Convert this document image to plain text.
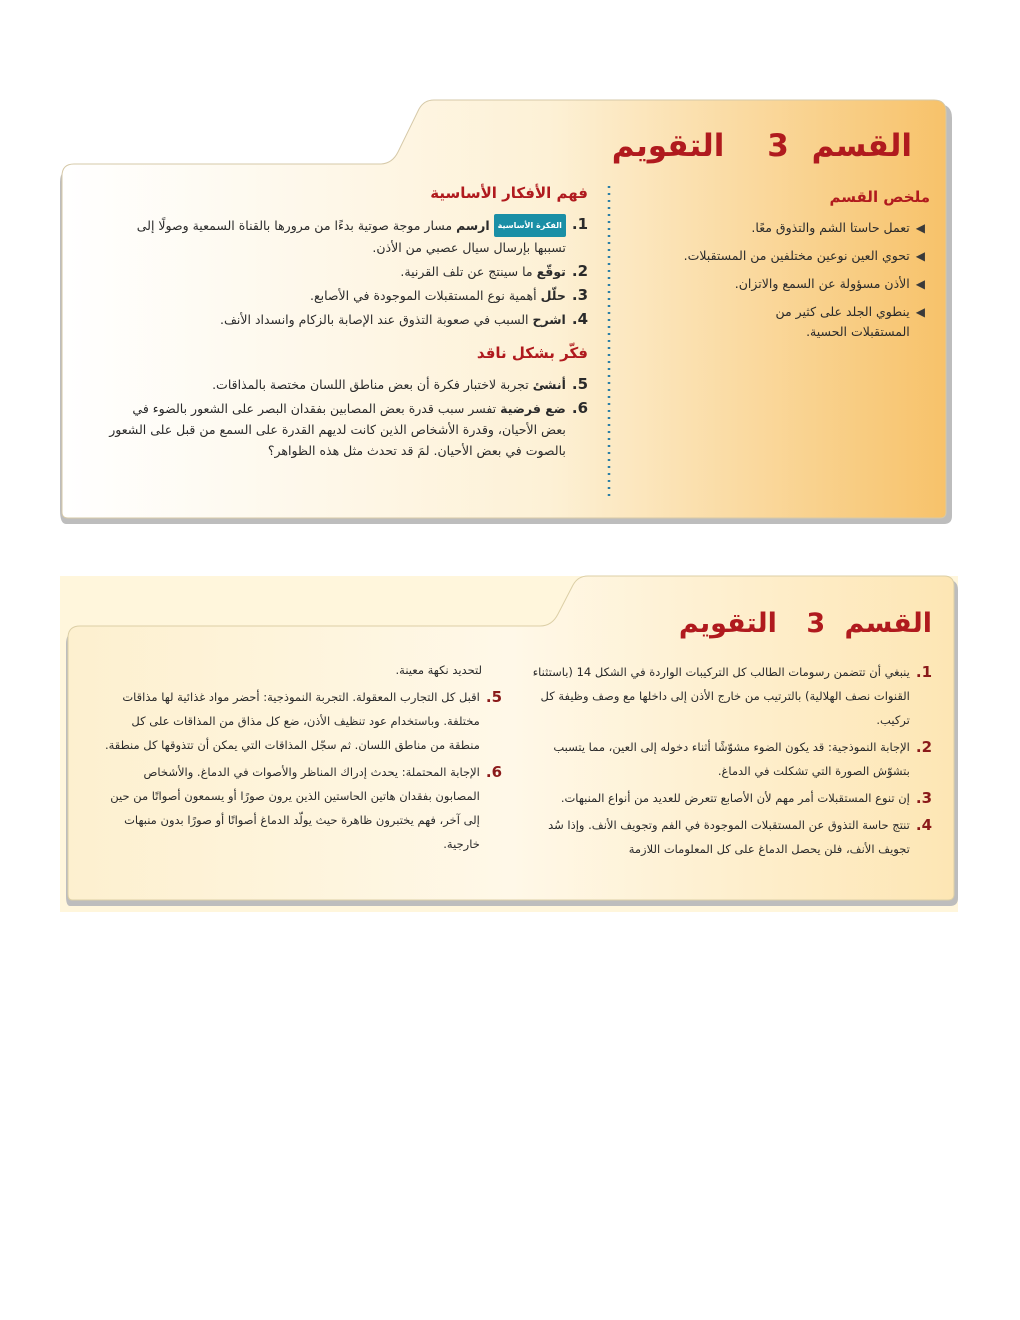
القسم 3 التقويم
ملخص القسم
◀
تعمل حاستا الشم والتذوق معًا.
◀
تحوي العين نوعين مختلفين من المستقبلات.
◀
الأذن مسؤولة عن السمع والاتزان.
◀
ينطوي الجلد على كثير من المستقبلات الحسية.
فهم الأفكار الأساسية
1.
الفكرة الأساسيةارسم مسار موجة صوتية بدءًا من مرورها بالقناة السمعية وصولًا إلى تسببها بإرسال سيال عصبي من الأذن.
2.
توقّع ما سينتج عن تلف القرنية.
3.
حلّل أهمية نوع المستقبلات الموجودة في الأصابع.
4.
اشرح السبب في صعوبة التذوق عند الإصابة بالزكام وانسداد الأنف.
فكّر بشكل ناقد
5.
أنشئ تجربة لاختبار فكرة أن بعض مناطق اللسان مختصة بالمذاقات.
6.
ضع فرضية تفسر سبب قدرة بعض المصابين بفقدان البصر على الشعور بالضوء في بعض الأحيان، وقدرة الأشخاص الذين كانت لديهم القدرة على السمع من قبل على الشعور بالصوت في بعض الأحيان. لمَ قد تحدث مثل هذه الظواهر؟
القسم 3 التقويم
1.
ينبغي أن تتضمن رسومات الطالب كل التركيبات الواردة في الشكل 14 (باستثناء القنوات نصف الهلالية) بالترتيب من خارج الأذن إلى داخلها مع وصف وظيفة كل تركيب.
2.
الإجابة النموذجية: قد يكون الضوء مشوّشًا أثناء دخوله إلى العين، مما يتسبب بتشوّش الصورة التي تشكلت في الدماغ.
3.
إن تنوع المستقبلات أمر مهم لأن الأصابع تتعرض للعديد من أنواع المنبهات.
4.
تنتج حاسة التذوق عن المستقبلات الموجودة في الفم وتجويف الأنف. وإذا سُد تجويف الأنف، فلن يحصل الدماغ على كل المعلومات اللازمة
لتحديد نكهة معينة.
5.
اقبل كل التجارب المعقولة. التجربة النموذجية: أحضر مواد غذائية لها مذاقات مختلفة. وباستخدام عود تنظيف الأذن، ضع كل مذاق من المذاقات على كل منطقة من مناطق اللسان. ثم سجّل المذاقات التي يمكن أن تتذوقها كل منطقة.
6.
الإجابة المحتملة: يحدث إدراك المناظر والأصوات في الدماغ. والأشخاص المصابون بفقدان هاتين الحاستين الذين يرون صورًا أو يسمعون أصواتًا من حين إلى آخر، فهم يختبرون ظاهرة حيث يولّد الدماغ أصواتًا أو صورًا بدون منبهات خارجية.
